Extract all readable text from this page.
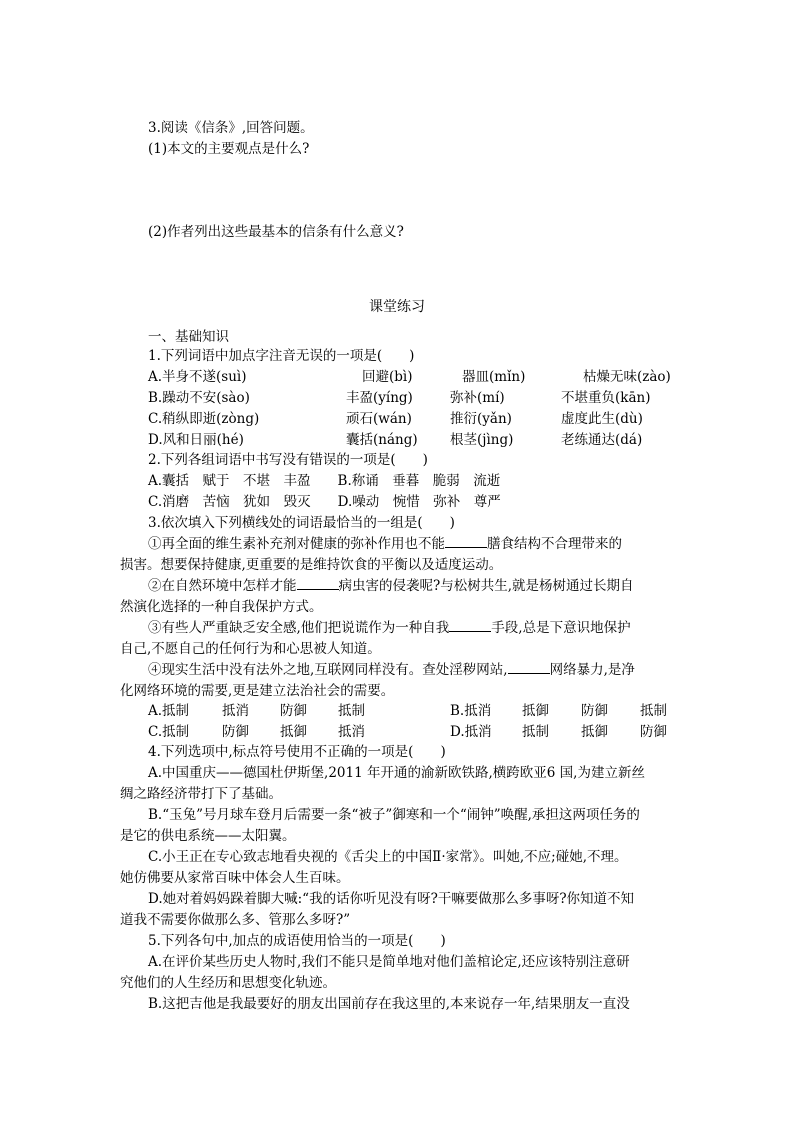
3.阅读《信条》,回答问题。
(1)本文的主要观点是什么?
(2)作者列出这些最基本的信条有什么意义?
课堂练习
一、基础知识
1.下列词语中加点字注音无误的一项是(　　)
A.半身不遂(suì)	回避(bì)	器皿(mǐn)	枯燥无味(zào)
B.躁动不安(sào)	丰盈(yíng)	弥补(mí)	不堪重负(kān)
C.稍纵即逝(zòng)	顽石(wán)	推衍(yǎn)	虚度此生(dù)
D.风和日丽(hé)	囊括(náng) 根茎(jìng)	老练通达(dá)
2.下列各组词语中书写没有错误的一项是(　　)
A.囊括　赋于　不堪　丰盈　　B.称诵　垂暮　脆弱　流逝
C.消磨　苦恼　犹如　毁灭　　D.噪动　惋惜　弥补　尊严
3.依次填入下列横线处的词语最恰当的一组是(　　)
①再全面的维生素补充剂对健康的弥补作用也不能	膳食结构不合理带来的
损害。想要保持健康,更重要的是维持饮食的平衡以及适度运动。
②在自然环境中怎样才能	病虫害的侵袭呢?与松树共生,就是杨树通过长期自
然演化选择的一种自我保护方式。
③有些人严重缺乏安全感,他们把说谎作为一种自我	手段,总是下意识地保护
自己,不愿自己的任何行为和心思被人知道。
④现实生活中没有法外之地,互联网同样没有。查处淫秽网站,	网络暴力,是净
化网络环境的需要,更是建立法治社会的需要。
A.抵制 抵消 防御 抵制	B.抵消 抵御 防御 抵制
C.抵制 防御 抵御 抵消	D.抵消 抵制 抵御 防御
4.下列选项中,标点符号使用不正确的一项是(　　)
A.中国重庆——德国杜伊斯堡,2011 年开通的渝新欧铁路,横跨欧亚6 国,为建立新丝
绸之路经济带打下了基础。
B.“玉兔”号月球车登月后需要一条“被子”御寒和一个“闹钟”唤醒,承担这两项任务的
是它的供电系统——太阳翼。
C.小王正在专心致志地看央视的《舌尖上的中国Ⅱ·家常》。叫她,不应;碰她,不理。
她仿佛要从家常百味中体会人生百味。
D.她对着妈妈跺着脚大喊:“我的话你听见没有呀?干嘛要做那么多事呀?你知道不知
道我不需要你做那么多、管那么多呀?”
5.下列各句中,加点的成语使用恰当的一项是(　　)
A.在评价某些历史人物时,我们不能只是简单地对他们盖棺论定,还应该特别注意研
究他们的人生经历和思想变化轨迹。
B.这把吉他是我最要好的朋友出国前存在我这里的,本来说存一年,结果朋友一直没
